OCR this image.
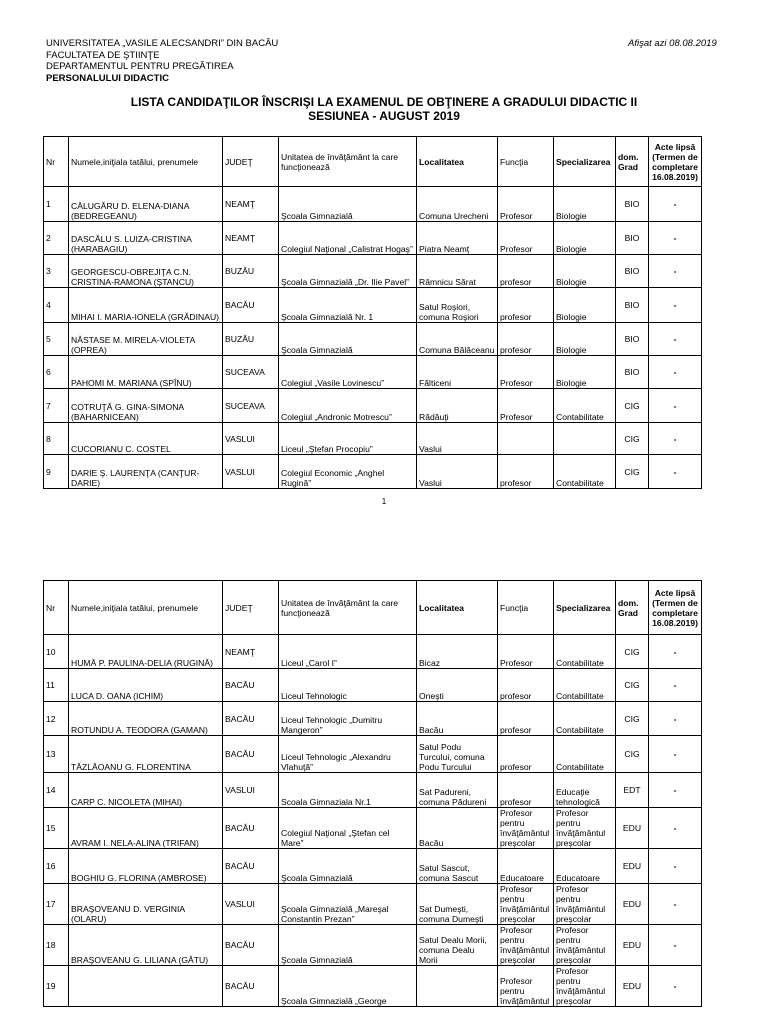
UNIVERSITATEA „VASILE ALECSANDRI” DIN BACĂU
FACULTATEA DE ŞTIINŢE
DEPARTAMENTUL PENTRU PREGĂTIREA
PERSONALULUI DIDACTIC
Afişat azi 08.08.2019
LISTA CANDIDAŢILOR ÎNSCRIŞI LA EXAMENUL DE OBŢINERE A GRADULUI DIDACTIC II
SESIUNEA - AUGUST 2019
Nr	Numele,iniţiala tatălui, prenumele	JUDEŢ	Unitatea de învăţământ la care funcţionează	Localitatea	Funcţia	Specializarea	dom. Grad	Acte lipsă (Termen de completare 16.08.2019)
1	CĂLUGĂRU D. ELENA-DIANA (BEDREGEANU)	NEAMŢ	Şcoala Gimnazială	Comuna Urecheni	Profesor	Biologie	BIO	-
2	DASCĂLU S. LUIZA-CRISTINA (HARABAGIU)	NEAMŢ	Colegiul Naţional „Calistrat Hogaş”	Piatra Neamţ	Profesor	Biologie	BIO	-
3	GEORGESCU-OBREJIŢA C.N. CRISTINA-RAMONA (ŞTANCU)	BUZĂU	Şcoala Gimnazială „Dr. Ilie Pavel”	Râmnicu Sărat	profesor	Biologie	BIO	-
4	MIHAI I. MARIA-IONELA (GRĂDINAU)	BACĂU	Şcoala Gimnazială Nr. 1	Satul Roşiori, comuna Roşiori	profesor	Biologie	BIO	-
5	NĂSTASE M. MIRELA-VIOLETA (OPREA)	BUZĂU	Şcoala Gimnazială	Comuna Bălăceanu	profesor	Biologie	BIO	-
6	PAHOMI M. MARIANA (SPÎNU)	SUCEAVA	Colegiul „Vasile Lovinescu”	Fălticeni	Profesor	Biologie	BIO	-
7	COTRUŢĂ G. GINA-SIMONA (BAHARNICEAN)	SUCEAVA	Colegiul „Andronic Motrescu”	Rădăuţi	Profesor	Contabilitate	CIG	-
8	CUCORIANU C. COSTEL	VASLUI	Liceul „Ştefan Procopiu”	Vaslui			CIG	-
9	DARIE Ş. LAURENŢA (CANŢUR-DARIE)	VASLUI	Colegiul Economic „Anghel Rugină”	Vaslui	profesor	Contabilitate	CIG	-
1
Nr	Numele,iniţiala tatălui, prenumele	JUDEŢ	Unitatea de învăţământ la care funcţionează	Localitatea	Funcţia	Specializarea	dom. Grad	Acte lipsă (Termen de completare 16.08.2019)
10	HUMĂ P. PAULINA-DELIA (RUGINĂ)	NEAMŢ	Liceul „Carol I”	Bicaz	Profesor	Contabilitate	CIG	-
11	LUCA D. OANA (ICHIM)	BACĂU	Liceul Tehnologic	Oneşti	profesor	Contabilitate	CIG	-
12	ROTUNDU A. TEODORA (GAMAN)	BACĂU	Liceul Tehnologic „Dumitru Mangeron”	Bacău	profesor	Contabilitate	CIG	-
13	TĂZLĂOANU G. FLORENTINA	BACĂU	Liceul Tehnologic „Alexandru Vlahuţă”	Satul Podu Turcului, comuna Podu Turcului	profesor	Contabilitate	CIG	-
14	CARP C. NICOLETA (MIHAI)	VASLUI	Scoala Gimnaziala Nr.1	Sat Padureni, comuna Pădureni	profesor	Educaţie tehnologică	EDT	-
15	AVRAM I. NELA-ALINA (TRIFAN)	BACĂU	Colegiul Naţional „Ştefan cel Mare”	Bacău	Profesor pentru învăţământul preşcolar	Profesor pentru învăţământul preşcolar	EDU	-
16	BOGHIU G. FLORINA (AMBROSE)	BACĂU	Şcoala Gimnazială	Satul Sascut, comuna Sascut	Educatoare	Educatoare	EDU	-
17	BRAŞOVEANU D. VERGINIA (OLARU)	VASLUI	Şcoala Gimnazială „Mareşal Constantin Prezan”	Sat Dumeşti, comuna Dumeşti	Profesor pentru învăţământul preşcolar	Profesor pentru învăţământul preşcolar	EDU	-
18	BRAŞOVEANU G. LILIANA (GÂTU)	BACĂU	Şcoala Gimnazială	Satul Dealu Morii, comuna Dealu Morii	Profesor pentru învăţământul preşcolar	Profesor pentru învăţământul preşcolar	EDU	-
19		BACĂU	Şcoala Gimnazială „George		Profesor pentru învăţământul	Profesor pentru învăţământul preşcolar	EDU	-
